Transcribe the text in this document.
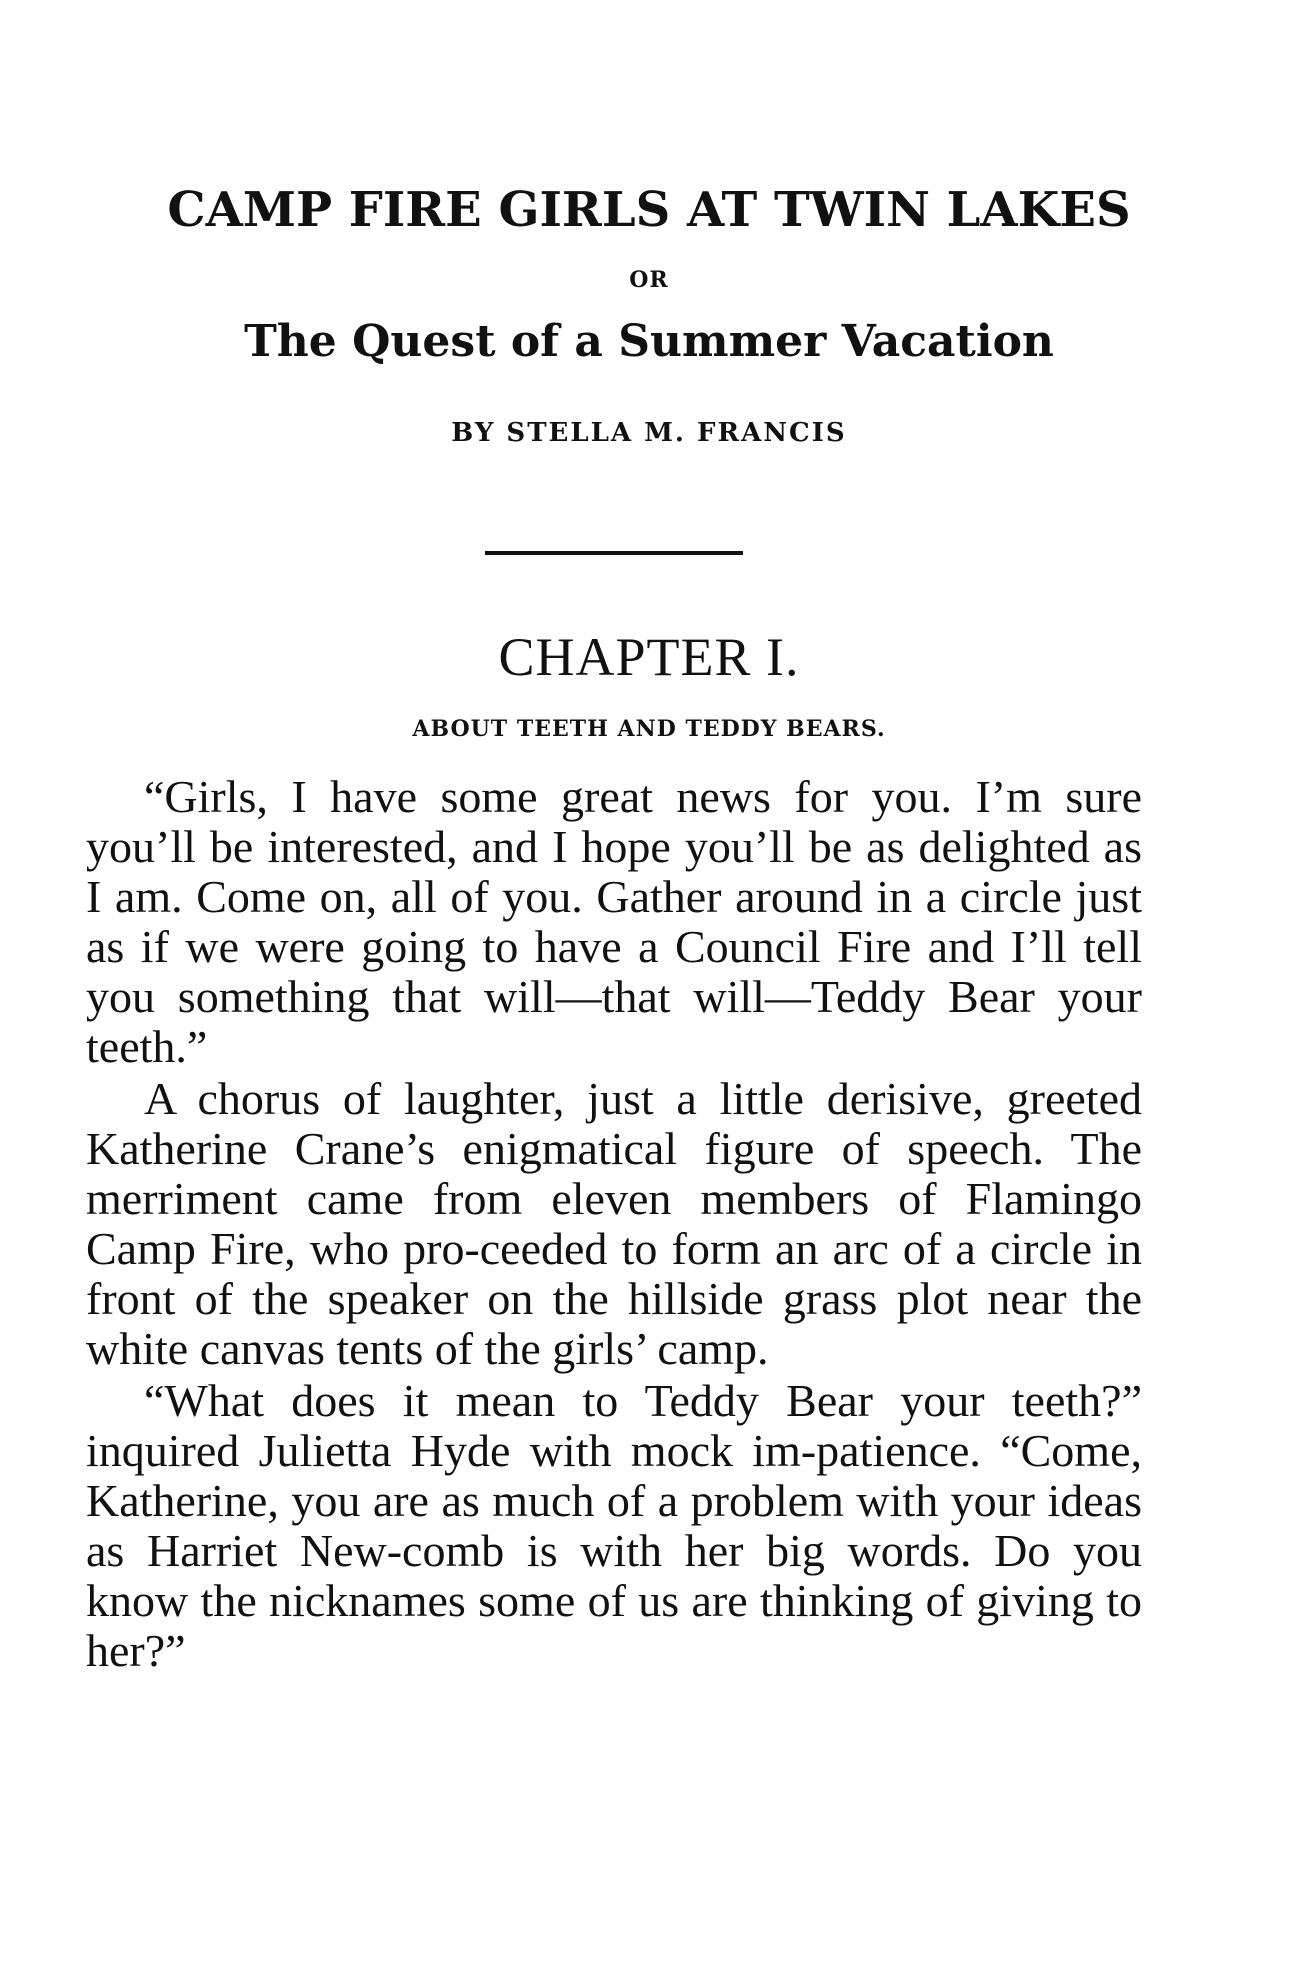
CAMP FIRE GIRLS AT TWIN LAKES
OR
The Quest of a Summer Vacation
BY STELLA M. FRANCIS
CHAPTER I.
ABOUT TEETH AND TEDDY BEARS.

“Girls, I have some great news for you. I’m sure you’ll be interested, and I hope you’ll be as delighted as I am. Come on, all of you. Gather around in a circle just as if we were going to have a Council Fire and I’ll tell you something that will—that will—Teddy Bear your teeth.”

A chorus of laughter, just a little derisive, greeted Katherine Crane’s enigmatical figure of speech. The merriment came from eleven members of Flamingo Camp Fire, who pro-ceeded to form an arc of a circle in front of the speaker on the hillside grass plot near the white canvas tents of the girls’ camp.

“What does it mean to Teddy Bear your teeth?” inquired Julietta Hyde with mock im-patience. “Come, Katherine, you are as much of a problem with your ideas as Harriet New-comb is with her big words. Do you know the nicknames some of us are thinking of giving to her?”
